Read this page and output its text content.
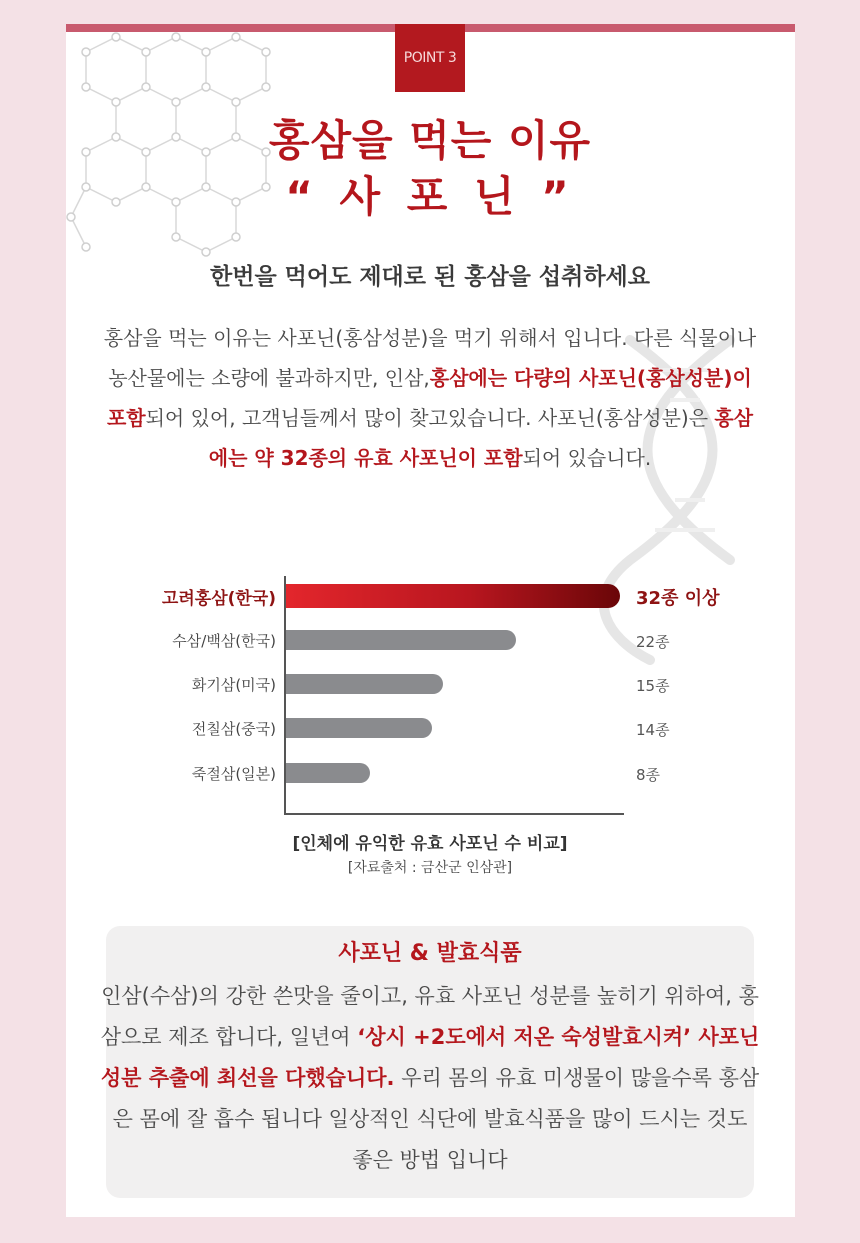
POINT 3
홍삼을 먹는 이유
“ 사 포 닌 ”
한번을 먹어도 제대로 된 홍삼을 섭취하세요
홍삼을 먹는 이유는 사포닌(홍삼성분)을 먹기 위해서 입니다. 다른 식물이나 농산물에는 소량에 불과하지만, 인삼,홍삼에는 다량의 사포닌(홍삼성분)이 포함되어 있어, 고객님들께서 많이 찾고있습니다. 사포닌(홍삼성분)은 홍삼에는 약 32종의 유효 사포닌이 포함되어 있습니다.
고려홍삼(한국)	32종 이상
수삼/백삼(한국)	22종
화기삼(미국)	15종
전칠삼(중국)	14종
죽절삼(일본)	8종
[인체에 유익한 유효 사포닌 수 비교]
[자료출처 : 금산군 인삼관]
사포닌 & 발효식품
인삼(수삼)의 강한 쓴맛을 줄이고, 유효 사포닌 성분를 높히기 위하여, 홍삼으로 제조 합니다, 일년여 ‘상시 +2도에서 저온 숙성발효시켜’ 사포닌 성분 추출에 최선을 다했습니다. 우리 몸의 유효 미생물이 많을수록 홍삼은 몸에 잘 흡수 됩니다 일상적인 식단에 발효식품을 많이 드시는 것도 좋은 방법 입니다
